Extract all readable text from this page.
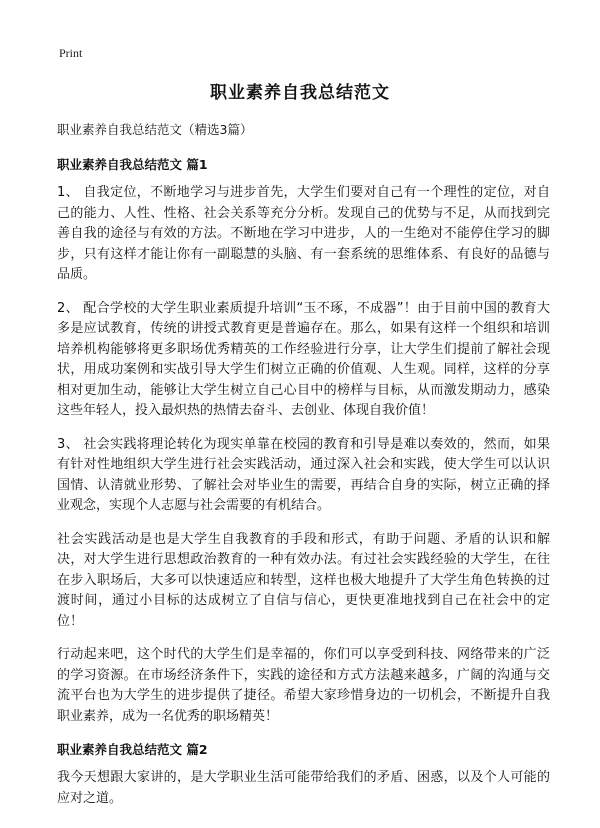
Print
职业素养自我总结范文

职业素养自我总结范文（精选3篇）

职业素养自我总结范文 篇1

1、 自我定位，不断地学习与进步首先，大学生们要对自己有一个理性的定位，对自己的能力、人性、性格、社会关系等充分分析。发现自己的优势与不足，从而找到完善自我的途径与有效的方法。不断地在学习中进步，人的一生绝对不能停住学习的脚步，只有这样才能让你有一副聪慧的头脑、有一套系统的思维体系、有良好的品德与品质。

2、 配合学校的大学生职业素质提升培训“玉不琢，不成器”！由于目前中国的教育大多是应试教育，传统的讲授式教育更是普遍存在。那么，如果有这样一个组织和培训培养机构能够将更多职场优秀精英的工作经验进行分享，让大学生们提前了解社会现状，用成功案例和实战引导大学生们树立正确的价值观、人生观。同样，这样的分享相对更加生动，能够让大学生树立自己心目中的榜样与目标，从而激发期动力，感染这些年轻人，投入最炽热的热情去奋斗、去创业、体现自我价值！

3、 社会实践将理论转化为现实单靠在校园的教育和引导是难以奏效的，然而，如果有针对性地组织大学生进行社会实践活动，通过深入社会和实践，使大学生可以认识国情、认清就业形势、了解社会对毕业生的需要，再结合自身的实际，树立正确的择业观念，实现个人志愿与社会需要的有机结合。

社会实践活动是也是大学生自我教育的手段和形式，有助于问题、矛盾的认识和解决，对大学生进行思想政治教育的一种有效办法。有过社会实践经验的大学生，在往在步入职场后，大多可以快速适应和转型，这样也极大地提升了大学生角色转换的过渡时间，通过小目标的达成树立了自信与信心，更快更准地找到自己在社会中的定位！

行动起来吧，这个时代的大学生们是幸福的，你们可以享受到科技、网络带来的广泛的学习资源。在市场经济条件下，实践的途径和方式方法越来越多，广阔的沟通与交流平台也为大学生的进步提供了捷径。希望大家珍惜身边的一切机会，不断提升自我职业素养，成为一名优秀的职场精英！

职业素养自我总结范文 篇2

我今天想跟大家讲的，是大学职业生活可能带给我们的矛盾、困惑，以及个人可能的应对之道。
